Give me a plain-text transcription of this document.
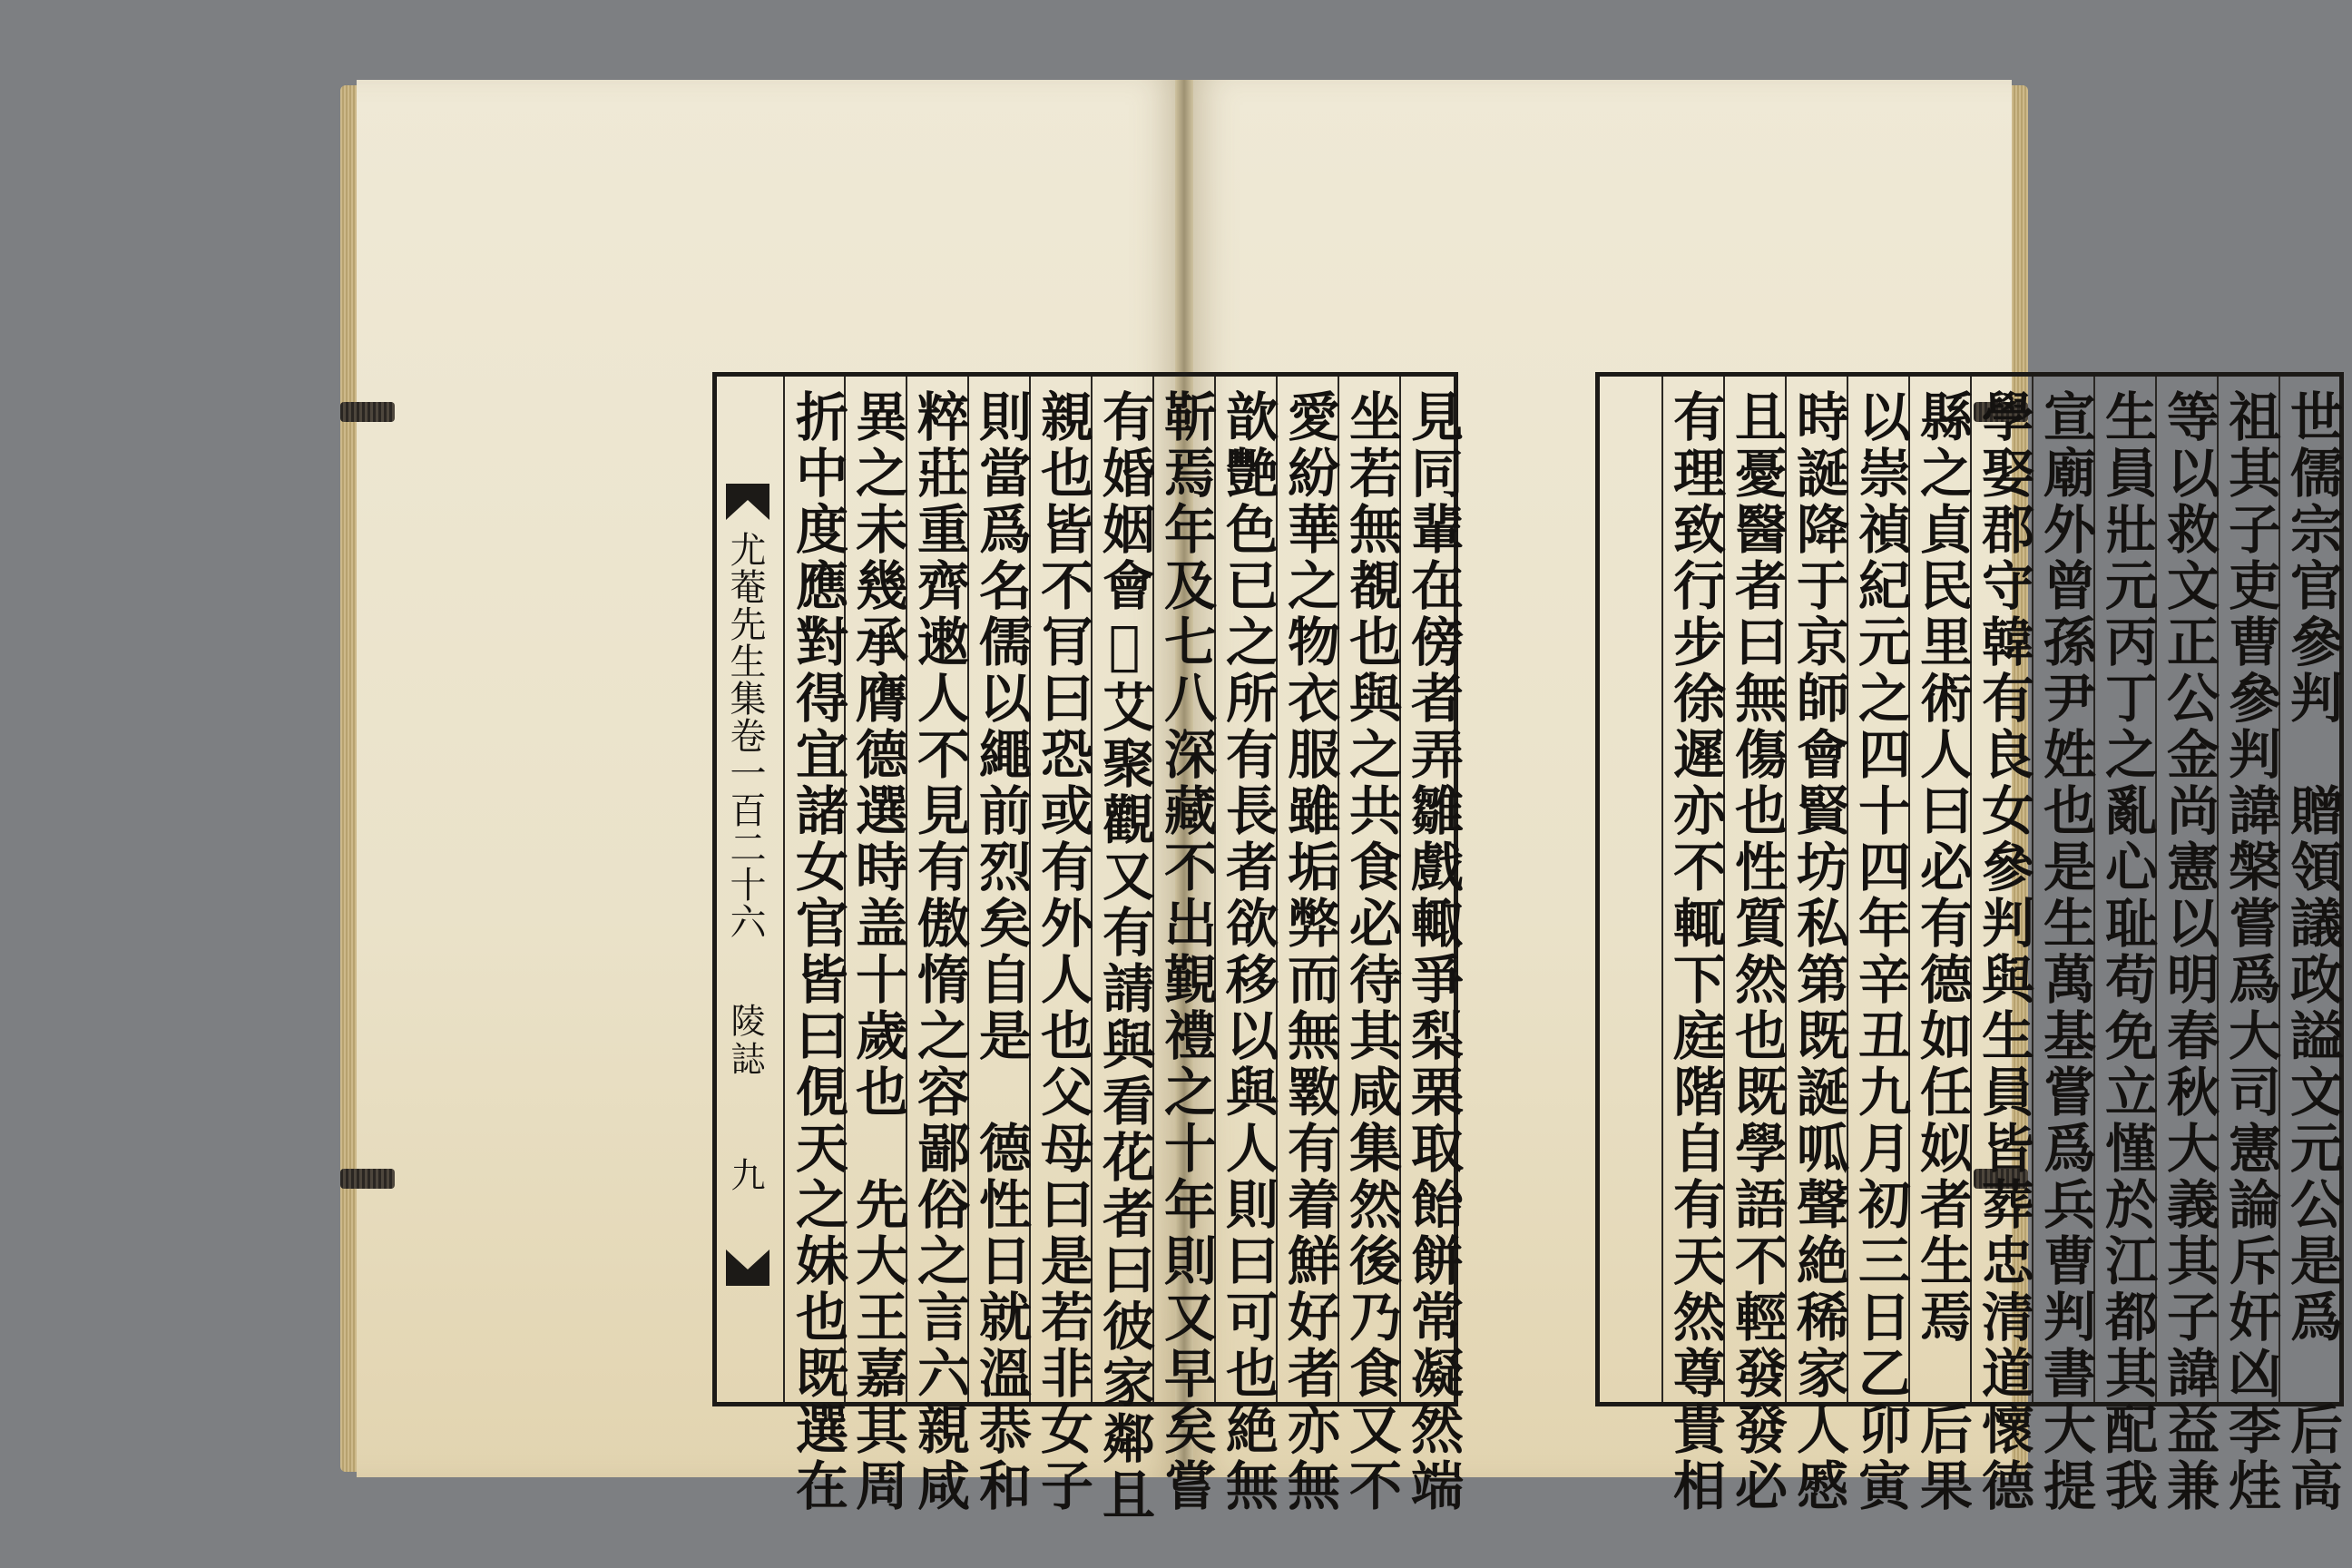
見同輩在傍者弄雛戲輙爭梨栗取飴餅常凝然端
坐若無覩也與之共食必待其咸集然後乃食又不
愛紛華之物衣服雖垢弊而無斁有着鮮好者亦無
歆艷色已之所有長者欲移以與人則曰可也絶無
靳焉年及七八深藏不出覲禮之十年則又早矣嘗
有婚姻會𡊮艾聚觀又有請與看花者曰彼家鄰且
親也皆不肎曰恐或有外人也父母曰是若非女子
則當爲名儒以繩前烈矣自是　德性日就溫恭和
粹莊重齊遫人不見有傲惰之容鄙俗之言六親咸
異之未幾承膺德選時盖十歲也　先大王嘉其周
折中度應對得宜諸女官皆曰俔天之妹也既選在
尤菴先生集卷一百二十六
陵誌
九	世儒宗官參判　贈領議政謚文元公是爲　后高
祖其子吏曹參判諱槃嘗爲大司憲論斥奸凶李烓
等以救文正公金尚憲以明春秋大義其子諱益兼
生員壯元丙丁之亂心耻苟免立慬於江都其配我
宣廟外曾孫尹姓也是生萬基嘗爲兵曹判書大提
學娶郡守韓有良女參判與生員皆葬忠清道懷德
縣之貞民里術人曰必有德如任姒者生焉　后果
以崇禎紀元之四十四年辛丑九月初三日乙卯寅
時誕降于京師會賢坊私第既誕呱聲絶稀家人慼
且憂醫者曰無傷也性質然也既學語不輕發發必
有理致行步徐遲亦不輒下庭階自有天然尊貴相
